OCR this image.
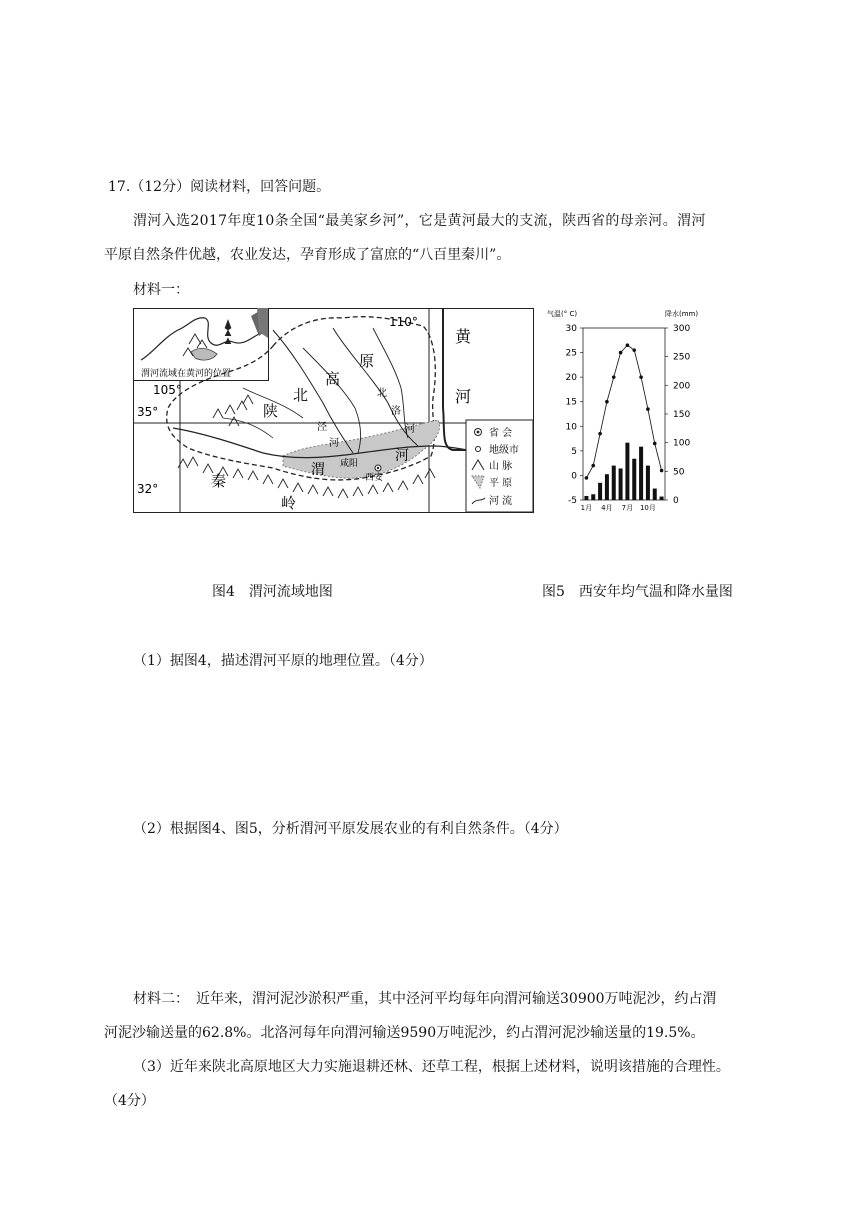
17.（12分）阅读材料，回答问题。
渭河入选2017年度10条全国“最美家乡河”，它是黄河最大的支流，陕西省的母亲河。渭河
平原自然条件优越，农业发达，孕育形成了富庶的“八百里秦川”。
材料一：
渭河流域在黄河的位置
黄
河
陕
北
高
原
北
洛
河
泾
河
渭
河
秦
岭
咸阳
西安
110°
105°
35°
32°
省 会
地级市
山 脉
平 原
河 流
气温(° C)	降水(mm)
30
25
20
15
10
5
0
-5
300
250
200
150
100
50
0
1月 4月 7月 10月
图4　渭河流域地图	图5　西安年均气温和降水量图
（1）据图4，描述渭河平原的地理位置。（4分）
（2）根据图4、图5，分析渭河平原发展农业的有利自然条件。（4分）
材料二：　近年来，渭河泥沙淤积严重，其中泾河平均每年向渭河输送30900万吨泥沙，约占渭
河泥沙输送量的62.8%。北洛河每年向渭河输送9590万吨泥沙，约占渭河泥沙输送量的19.5%。
（3）近年来陕北高原地区大力实施退耕还林、还草工程，根据上述材料，说明该措施的合理性。
（4分）
